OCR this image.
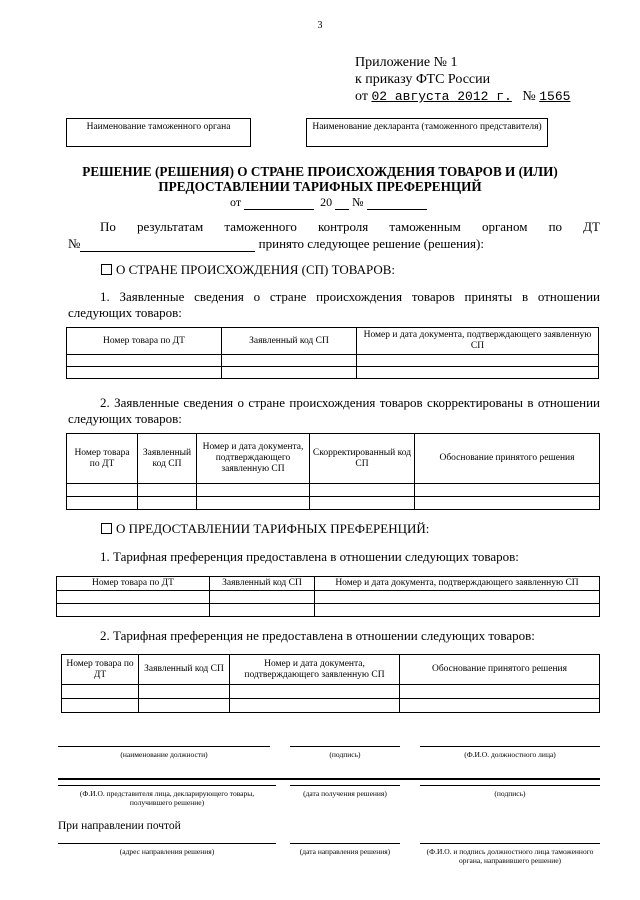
3
Приложение № 1
к приказу ФТС России
от 02 августа 2012 г. № 1565
Наименование таможенного органа	Наименование декларанта (таможенного представителя)
РЕШЕНИЕ (РЕШЕНИЯ) О СТРАНЕ ПРОИСХОЖДЕНИЯ ТОВАРОВ И (ИЛИ)
ПРЕДОСТАВЛЕНИИ ТАРИФНЫХ ПРЕФЕРЕНЦИЙ
от	20 №
По результатам таможенного контроля таможенным органом по ДТ
№	принято следующее решение (решения):
О СТРАНЕ ПРОИСХОЖДЕНИЯ (СП) ТОВАРОВ:
1. Заявленные сведения о стране происхождения товаров приняты в отношении следующих товаров:
Номер товара по ДТ	Заявленный код СП	Номер и дата документа, подтверждающего заявленную СП

2. Заявленные сведения о стране происхождения товаров скорректированы в отношении следующих товаров:
Номер товара по ДТ	Заявленный код СП	Номер и дата документа, подтверждающего заявленную СП	Скорректированный код СП	Обоснование принятого решения

О ПРЕДОСТАВЛЕНИИ ТАРИФНЫХ ПРЕФЕРЕНЦИЙ:
1. Тарифная преференция предоставлена в отношении следующих товаров:
Номер товара по ДТ	Заявленный код СП	Номер и дата документа, подтверждающего заявленную СП

2. Тарифная преференция не предоставлена в отношении следующих товаров:
Номер товара по ДТ	Заявленный код СП	Номер и дата документа, подтверждающего заявленную СП	Обоснование принятого решения

(наименование должности)	(подпись)	(Ф.И.О. должностного лица)
(Ф.И.О. представителя лица, декларирующего товары, получившего решение)
(дата получения решения)	(подпись)
При направлении почтой
(адрес направления решения)	(дата направления решения)	(Ф.И.О. и подпись должностного лица таможенного органа, направившего решение)
